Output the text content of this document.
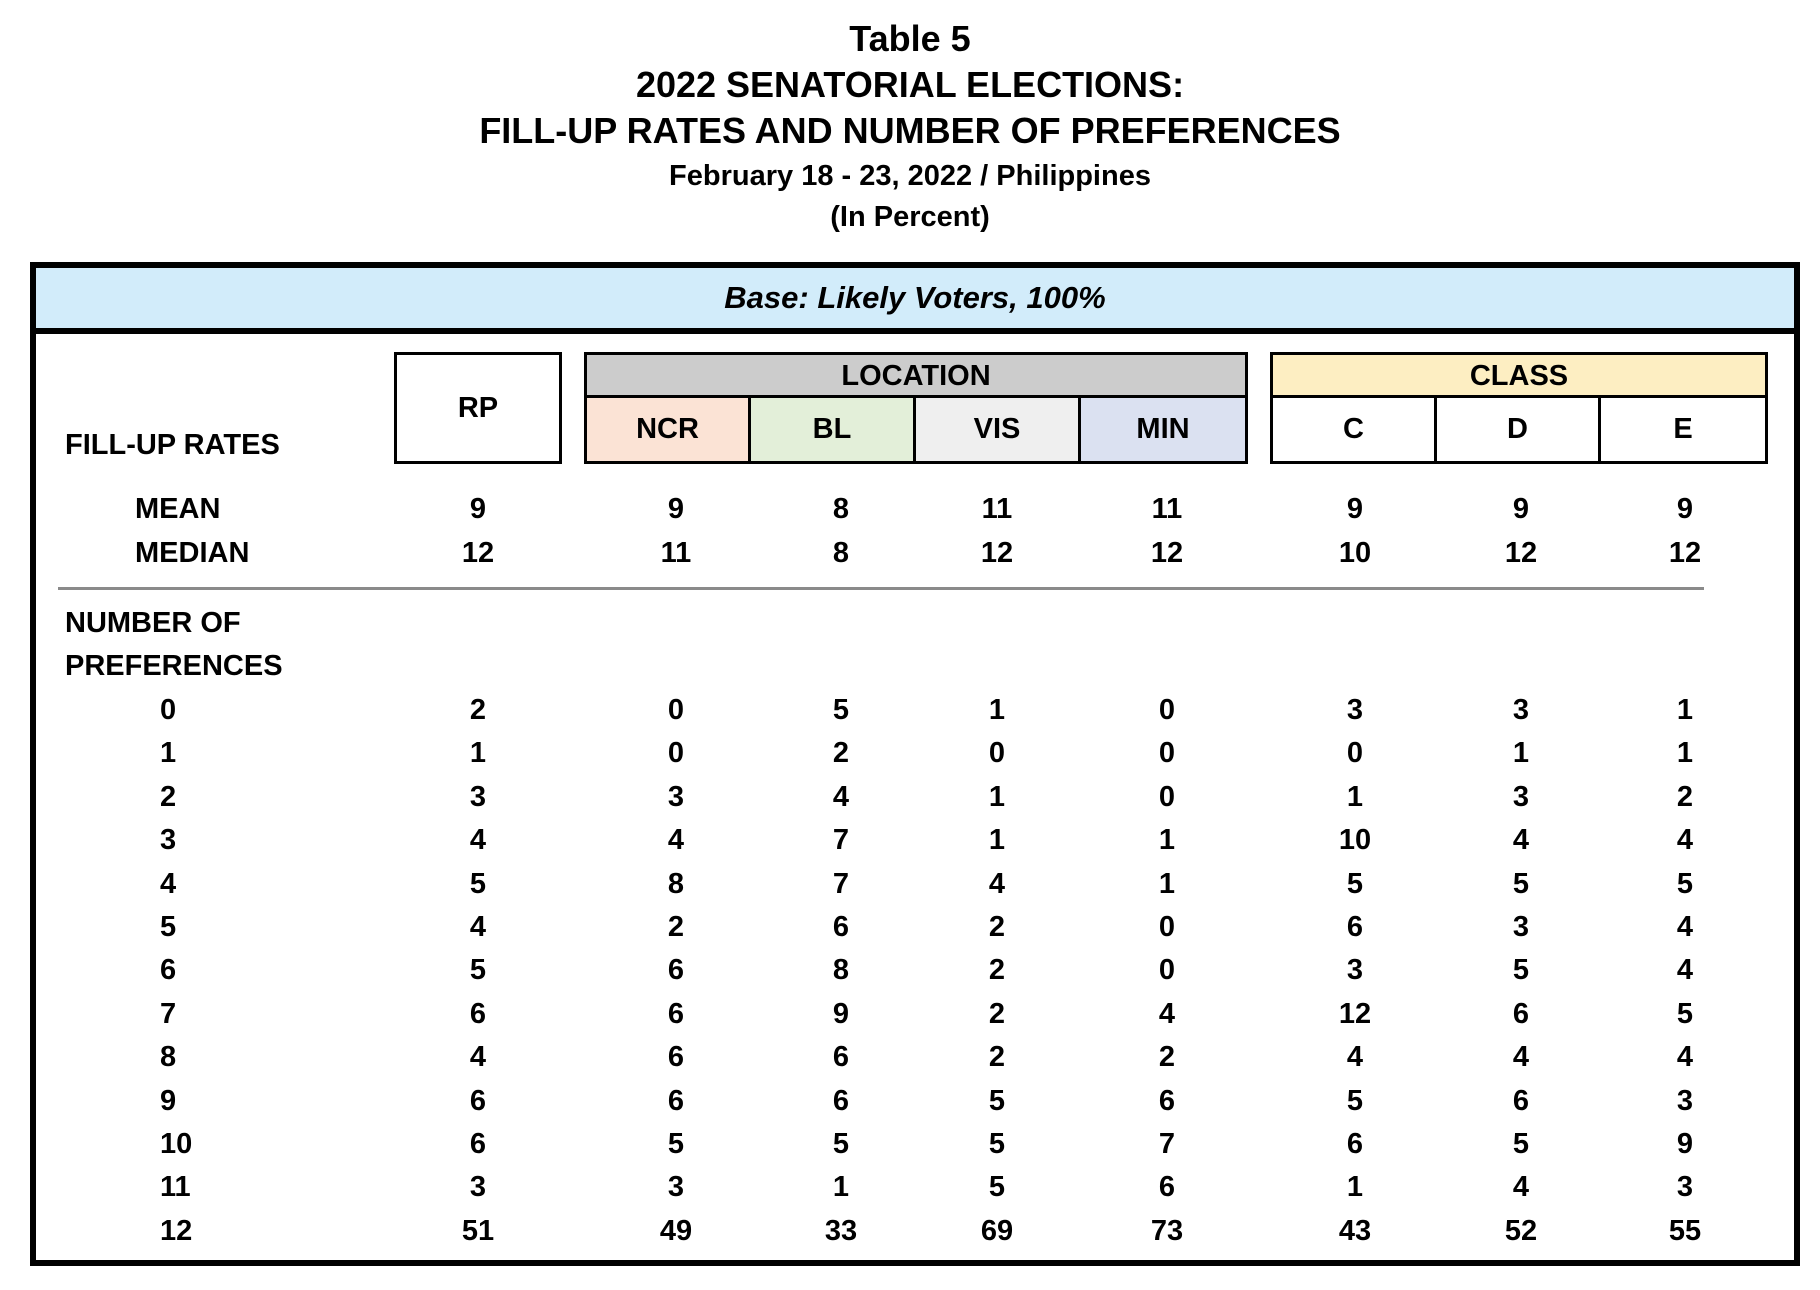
Table 5
2022 SENATORIAL ELECTIONS:
FILL-UP RATES AND NUMBER OF PREFERENCES
February 18 - 23, 2022 / Philippines
(In Percent)
Base: Likely Voters, 100%
RP
LOCATION
NCR	BL	VIS	MIN
CLASS
C	D	E
FILL-UP RATES
NUMBER OF
PREFERENCES
MEAN	9	9	8	11	11	9	9	9
MEDIAN	12	11	8	12	12	10	12	12
0	2	0	5	1	0	3	3	1
1	1	0	2	0	0	0	1	1
2	3	3	4	1	0	1	3	2
3	4	4	7	1	1	10	4	4
4	5	8	7	4	1	5	5	5
5	4	2	6	2	0	6	3	4
6	5	6	8	2	0	3	5	4
7	6	6	9	2	4	12	6	5
8	4	6	6	2	2	4	4	4
9	6	6	6	5	6	5	6	3
10	6	5	5	5	7	6	5	9
11	3	3	1	5	6	1	4	3
12	51	49	33	69	73	43	52	55
